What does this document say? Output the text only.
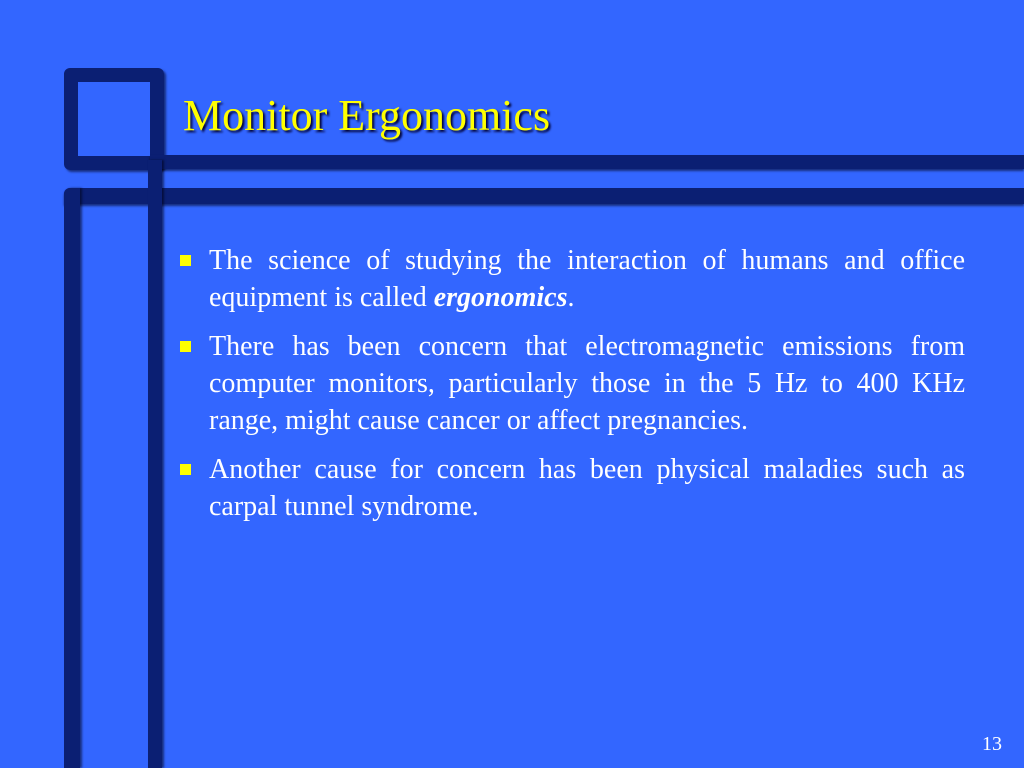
Monitor Ergonomics
The science of studying the interaction of humans and office equipment is called ergonomics.
There has been concern that electromagnetic emissions from computer monitors, particularly those in the 5 Hz to 400 KHz range, might cause cancer or affect pregnancies.
Another cause for concern has been physical maladies such as carpal tunnel syndrome.
13
